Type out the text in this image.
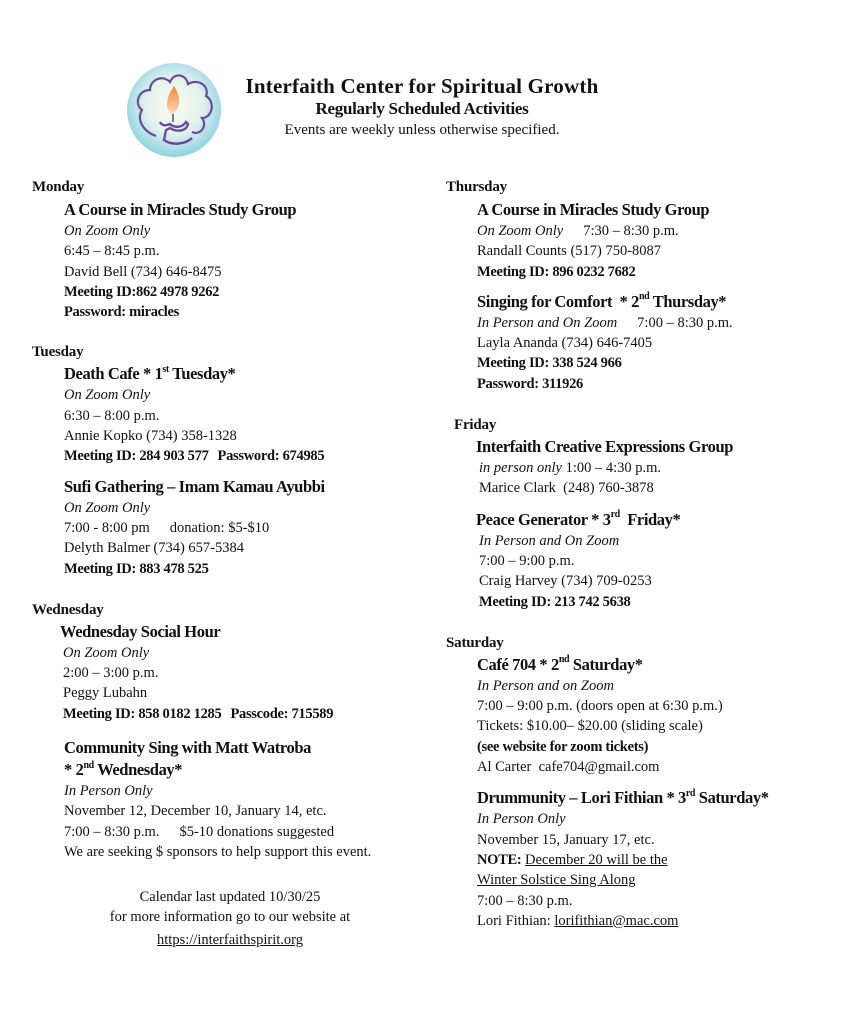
Interfaith Center for Spiritual Growth
Regularly Scheduled Activities
Events are weekly unless otherwise specified.
Monday
A Course in Miracles Study Group
On Zoom Only
6:45 – 8:45 p.m.
David Bell (734) 646-8475
Meeting ID:862 4978 9262
Password: miracles
Tuesday
Death Cafe * 1st Tuesday*
On Zoom Only
6:30 – 8:00 p.m.
Annie Kopko (734) 358-1328
Meeting ID: 284 903 577 Password: 674985
Sufi Gathering – Imam Kamau Ayubbi
On Zoom Only
7:00 - 8:00 pm donation: $5-$10
Delyth Balmer (734) 657-5384
Meeting ID: 883 478 525
Wednesday
Wednesday Social Hour
On Zoom Only
2:00 – 3:00 p.m.
Peggy Lubahn
Meeting ID: 858 0182 1285 Passcode: 715589
Community Sing with Matt Watroba
* 2nd Wednesday*
In Person Only
November 12, December 10, January 14, etc.
7:00 – 8:30 p.m. $5-10 donations suggested
We are seeking $ sponsors to help support this event.
Calendar last updated 10/30/25
for more information go to our website at
https://interfaithspirit.org
Thursday
A Course in Miracles Study Group
On Zoom Only 7:30 – 8:30 p.m.
Randall Counts (517) 750-8087
Meeting ID: 896 0232 7682
Singing for Comfort  * 2nd Thursday*
In Person and On Zoom 7:00 – 8:30 p.m.
Layla Ananda (734) 646-7405
Meeting ID: 338 524 966
Password: 311926
Friday
Interfaith Creative Expressions Group
in person only 1:00 – 4:30 p.m.
Marice Clark  (248) 760-3878
Peace Generator * 3rd  Friday*
In Person and On Zoom
7:00 – 9:00 p.m.
Craig Harvey (734) 709-0253
Meeting ID: 213 742 5638
Saturday
Café 704 * 2nd Saturday*
In Person and on Zoom
7:00 – 9:00 p.m. (doors open at 6:30 p.m.)
Tickets: $10.00– $20.00 (sliding scale)
(see website for zoom tickets)
Al Carter  cafe704@gmail.com
Drummunity – Lori Fithian * 3rd Saturday*
In Person Only
November 15, January 17, etc.
NOTE: December 20 will be the
Winter Solstice Sing Along
7:00 – 8:30 p.m.
Lori Fithian: lorifithian@mac.com
